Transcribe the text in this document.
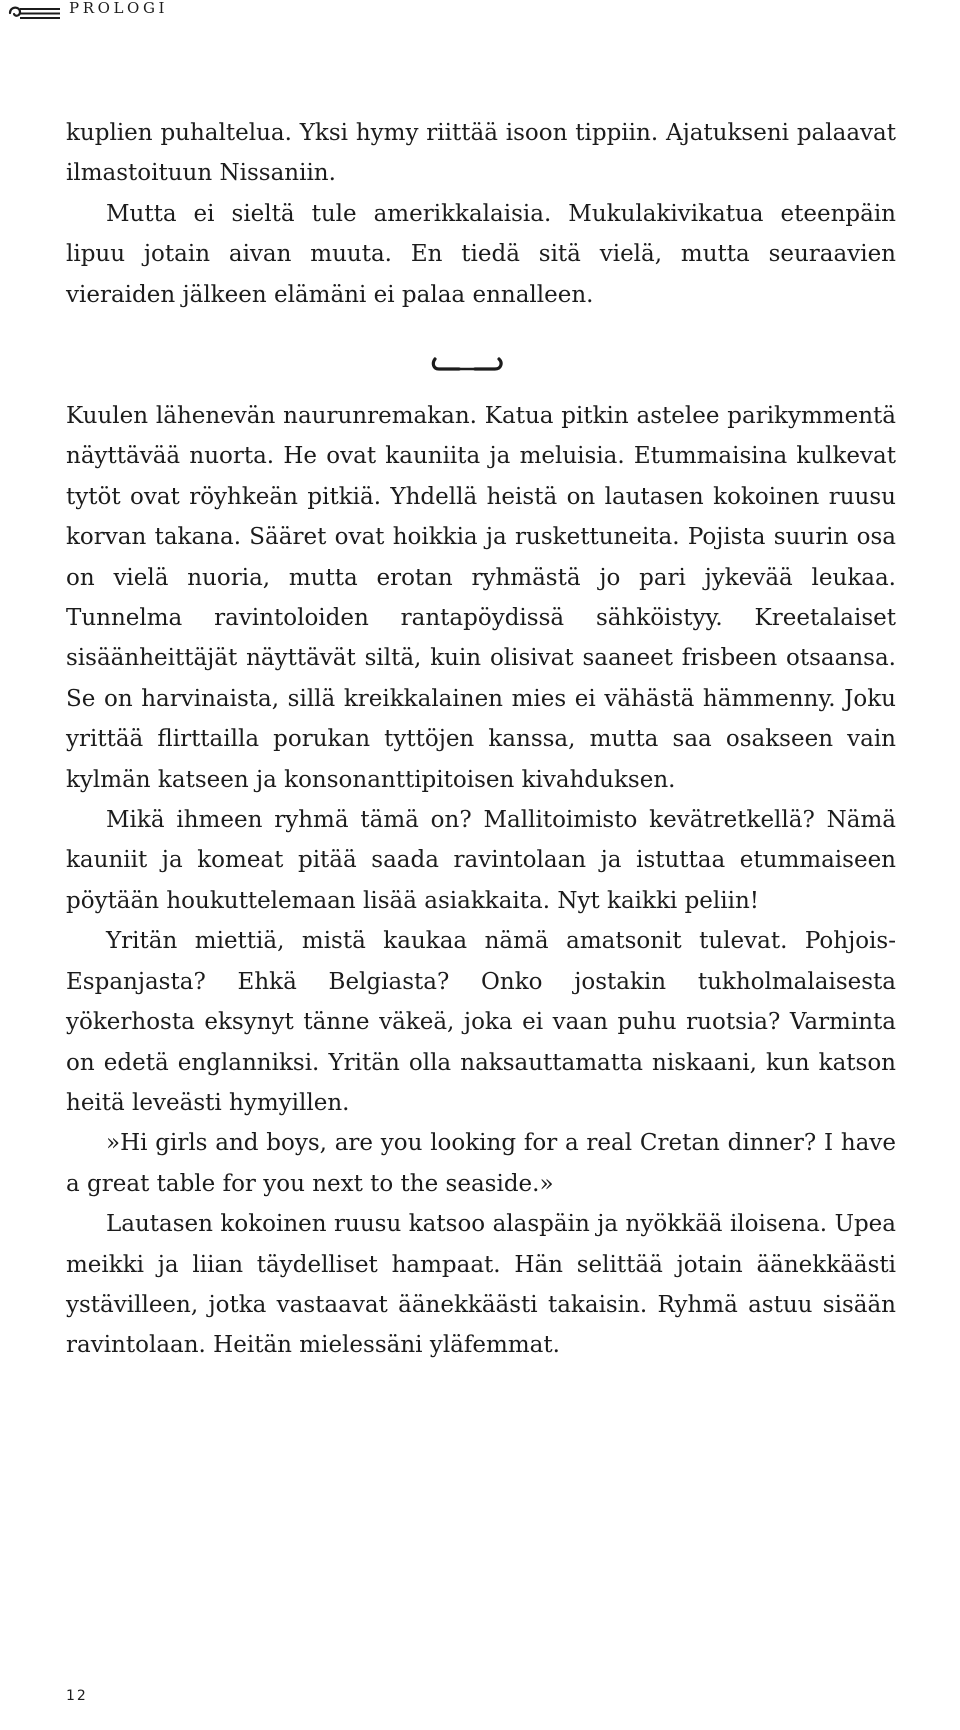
PROLOGI

kuplien puhaltelua. Yksi hymy riittää isoon tippiin. Ajatukseni palaavat ilmastoituun Nissaniin.

Mutta ei sieltä tule amerikkalaisia. Mukulakivikatua eteenpäin lipuu jotain aivan muuta. En tiedä sitä vielä, mutta seuraavien vieraiden jälkeen elämäni ei palaa ennalleen.

Kuulen lähenevän naurunremakan. Katua pitkin astelee parikymmentä näyttävää nuorta. He ovat kauniita ja meluisia. Etummaisina kulkevat tytöt ovat röyhkeän pitkiä. Yhdellä heistä on lautasen kokoinen ruusu korvan takana. Sääret ovat hoikkia ja ruskettuneita. Pojista suurin osa on vielä nuoria, mutta erotan ryhmästä jo pari jykevää leukaa. Tunnelma ravintoloiden rantapöydissä sähköistyy. Kreetalaiset sisäänheittäjät näyttävät siltä, kuin olisivat saaneet frisbeen otsaansa. Se on harvinaista, sillä kreikkalainen mies ei vähästä hämmenny. Joku yrittää flirttailla porukan tyttöjen kanssa, mutta saa osakseen vain kylmän katseen ja konsonanttipitoisen kivahduksen.

Mikä ihmeen ryhmä tämä on? Mallitoimisto kevätretkellä? Nämä kauniit ja komeat pitää saada ravintolaan ja istuttaa etummaiseen pöytään houkuttelemaan lisää asiakkaita. Nyt kaikki peliin!

Yritän miettiä, mistä kaukaa nämä amatsonit tulevat. Pohjois-Espanjasta? Ehkä Belgiasta? Onko jostakin tukholmalaisesta yökerhosta eksynyt tänne väkeä, joka ei vaan puhu ruotsia? Varminta on edetä englanniksi. Yritän olla naksauttamatta niskaani, kun katson heitä leveästi hymyillen.

»Hi girls and boys, are you looking for a real Cretan dinner? I have a great table for you next to the seaside.»

Lautasen kokoinen ruusu katsoo alaspäin ja nyökkää iloisena. Upea meikki ja liian täydelliset hampaat. Hän selittää jotain äänekkäästi ystävilleen, jotka vastaavat äänekkäästi takaisin. Ryhmä astuu sisään ravintolaan. Heitän mielessäni yläfemmat.

12
